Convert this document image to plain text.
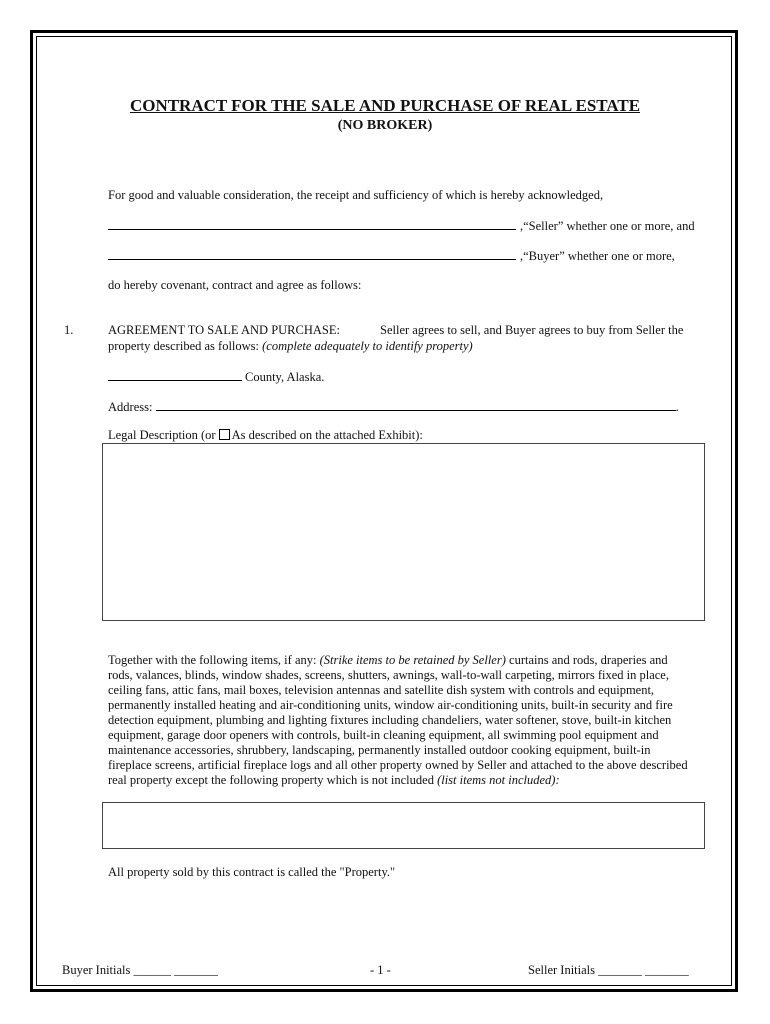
CONTRACT FOR THE SALE AND PURCHASE OF REAL ESTATE
(NO BROKER)
For good and valuable consideration, the receipt and sufficiency of which is hereby acknowledged,
,“Seller” whether one or more, and
,“Buyer” whether one or more,
do hereby covenant, contract and agree as follows:
1.	AGREEMENT TO SALE AND PURCHASE:	Seller agrees to sell, and Buyer agrees to buy from Seller the
property described as follows: (complete adequately to identify property)
County, Alaska.
Address:	.
Legal Description (or As described on the attached Exhibit):
Together with the following items, if any: (Strike items to be retained by Seller) curtains and rods, draperies and
rods, valances, blinds, window shades, screens, shutters, awnings, wall-to-wall carpeting, mirrors fixed in place,
ceiling fans, attic fans, mail boxes, television antennas and satellite dish system with controls and equipment,
permanently installed heating and air-conditioning units, window air-conditioning units, built-in security and fire
detection equipment, plumbing and lighting fixtures including chandeliers, water softener, stove, built-in kitchen
equipment, garage door openers with controls, built-in cleaning equipment, all swimming pool equipment and
maintenance accessories, shrubbery, landscaping, permanently installed outdoor cooking equipment, built-in
fireplace screens, artificial fireplace logs and all other property owned by Seller and attached to the above described
real property except the following property which is not included (list items not included):
All property sold by this contract is called the "Property."
Buyer Initials ______ _______	- 1 -	Seller Initials _______ _______
